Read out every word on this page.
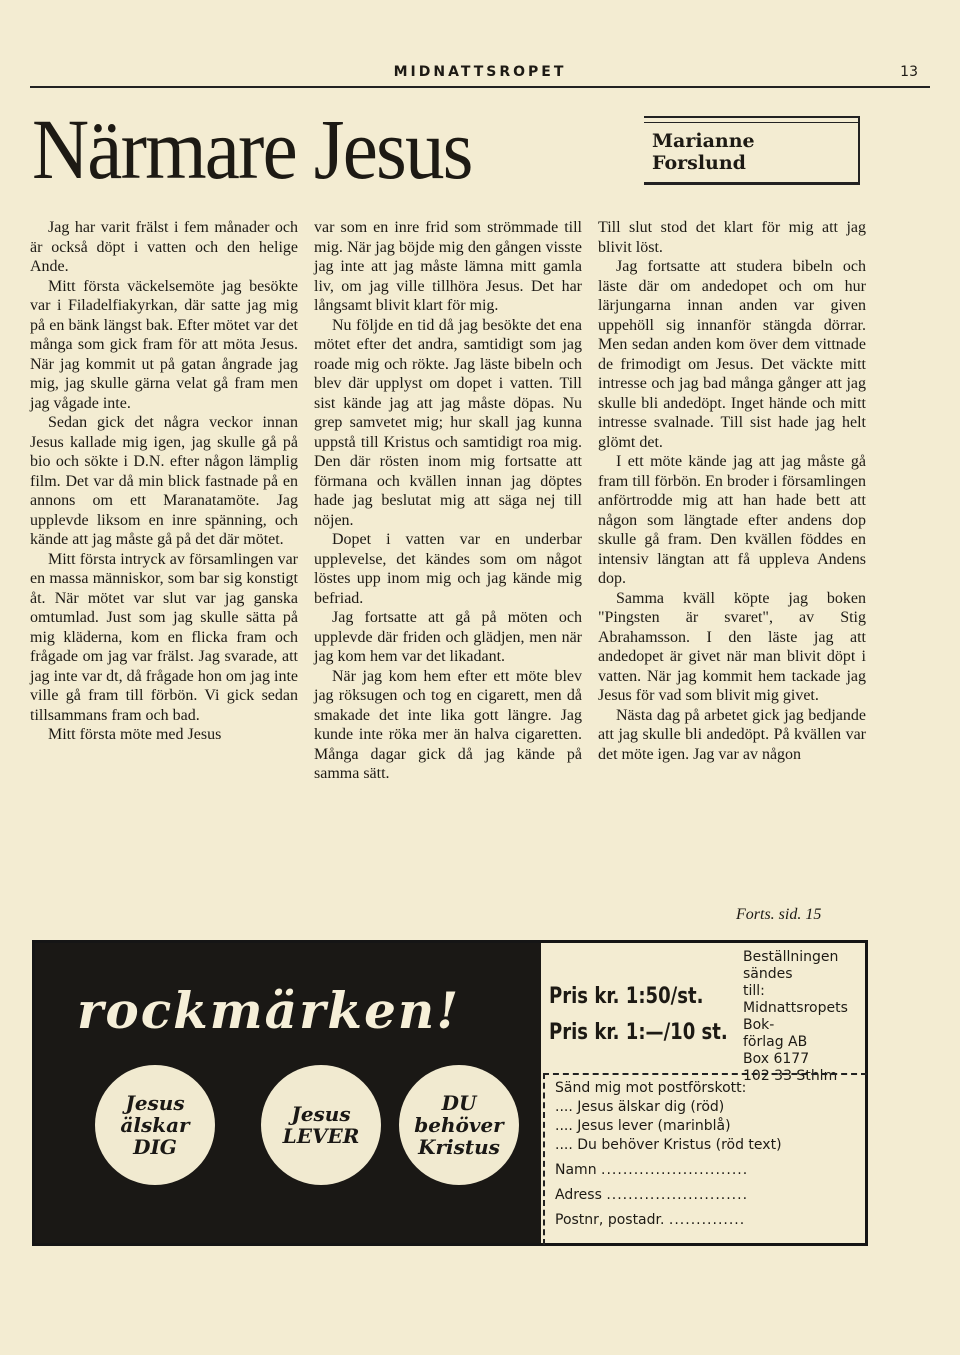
MIDNATTSROPET	13
Närmare Jesus	Marianne
Forslund

Jag har varit frälst i fem månader och är också döpt i vatten och den helige Ande.

Mitt första väckelsemöte jag besökte var i Filadelfiakyrkan, där satte jag mig på en bänk längst bak. Efter mötet var det många som gick fram för att möta Jesus. När jag kommit ut på gatan ångrade jag mig, jag skulle gärna velat gå fram men jag vågade inte.

Sedan gick det några veckor innan Jesus kallade mig igen, jag skulle gå på bio och sökte i D.N. efter någon lämplig film. Det var då min blick fastnade på en annons om ett Maranatamöte. Jag upplevde liksom en inre spänning, och kände att jag måste gå på det där mötet.

Mitt första intryck av församlingen var en massa människor, som bar sig konstigt åt. När mötet var slut var jag ganska omtumlad. Just som jag skulle sätta på mig kläderna, kom en flicka fram och frågade om jag var frälst. Jag svarade, att jag inte var dt, då frågade hon om jag inte ville gå fram till förbön. Vi gick sedan tillsammans fram och bad.

Mitt första möte med Jesus

var som en inre frid som strömmade till mig. När jag böjde mig den gången visste jag inte att jag måste lämna mitt gamla liv, om jag ville tillhöra Jesus. Det har långsamt blivit klart för mig.

Nu följde en tid då jag besökte det ena mötet efter det andra, samtidigt som jag roade mig och rökte. Jag läste bibeln och blev där upplyst om dopet i vatten. Till sist kände jag att jag måste döpas. Nu grep samvetet mig; hur skall jag kunna uppstå till Kristus och samtidigt roa mig. Den där rösten inom mig fortsatte att förmana och kvällen innan jag döptes hade jag beslutat mig att säga nej till nöjen.

Dopet i vatten var en underbar upplevelse, det kändes som om något löstes upp inom mig och jag kände mig befriad.

Jag fortsatte att gå på möten och upplevde där friden och glädjen, men när jag kom hem var det likadant.

När jag kom hem efter ett möte blev jag röksugen och tog en cigarett, men då smakade det inte lika gott längre. Jag kunde inte röka mer än halva cigaretten. Många dagar gick då jag kände på samma sätt.

Till slut stod det klart för mig att jag blivit löst.

Jag fortsatte att studera bibeln och läste där om andedopet och om hur lärjungarna innan anden var given uppehöll sig innanför stängda dörrar. Men sedan anden kom över dem vittnade de frimodigt om Jesus. Det väckte mitt intresse och jag bad många gånger att jag skulle bli andedöpt. Inget hände och mitt intresse svalnade. Till sist hade jag helt glömt det.

I ett möte kände jag att jag måste gå fram till förbön. En broder i församlingen anförtrodde mig att han hade bett att någon som längtade efter andens dop skulle gå fram. Den kvällen föddes en intensiv längtan att få uppleva Andens dop.

Samma kväll köpte jag boken "Pingsten är svaret", av Stig Abrahamsson. I den läste jag att andedopet är givet när man blivit döpt i vatten. När jag kommit hem tackade jag Jesus för vad som blivit mig givet.

Nästa dag på arbetet gick jag bedjande att jag skulle bli andedöpt. På kvällen var det möte igen. Jag var av någon

Forts. sid. 15
rockmärken!
Jesus
älskar
DIG
Jesus
LEVER
DU
behöver
Kristus
Pris kr. 1:50/st.
Pris kr. 1:—/10 st.
Beställningen sändes
till: Midnattsropets Bok-
förlag AB
Box 6177
102 33 Sthlm
Sänd mig mot postförskott:
.... Jesus älskar dig (röd)
.... Jesus lever (marinblå)
.... Du behöver Kristus (röd text)
Namn ...........................
Adress ..........................
Postnr, postadr. ..............
